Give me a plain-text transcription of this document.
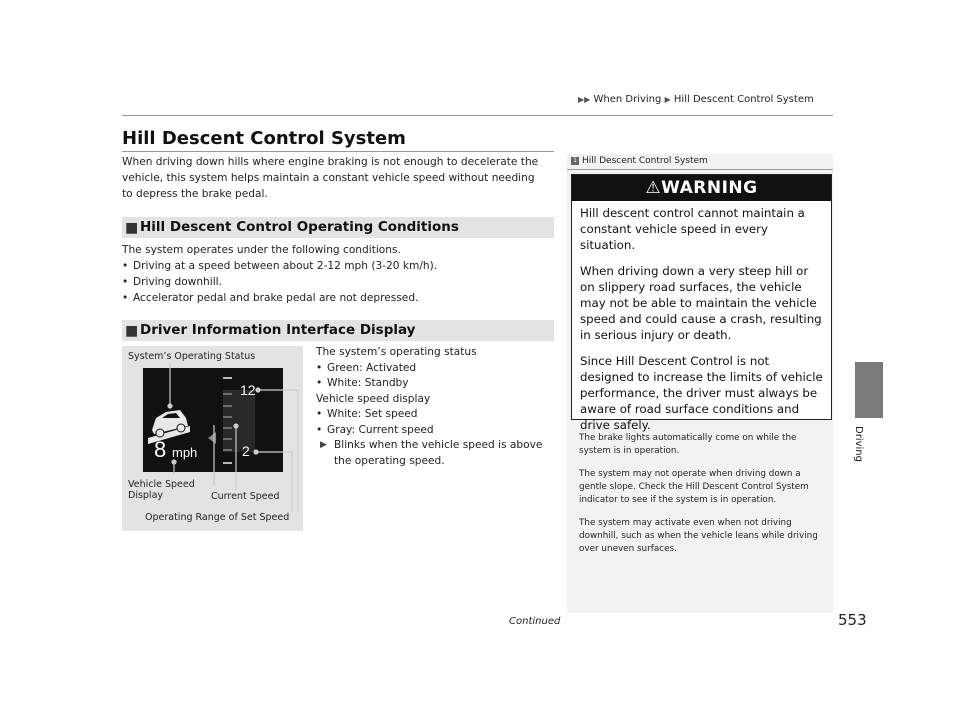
▶▶ When Driving ▶ Hill Descent Control System
Driving
Hill Descent Control System
When driving down hills where engine braking is not enough to decelerate the vehicle, this system helps maintain a constant vehicle speed without needing to depress the brake pedal.
■ Hill Descent Control Operating Conditions
The system operates under the following conditions.
• Driving at a speed between about 2-12 mph (3-20 km/h).
• Driving downhill.
• Accelerator pedal and brake pedal are not depressed.
■ Driver Information Interface Display
System’s Operating Status
8 mph
12
2
Vehicle Speed
Display	Current Speed
Operating Range of Set Speed
The system’s operating status
• Green: Activated
• White: Standby
Vehicle speed display
• White: Set speed
• Gray: Current speed
▶ Blinks when the vehicle speed is above the operating speed.
1 Hill Descent Control System
⚠WARNING

Hill descent control cannot maintain a constant vehicle speed in every situation.

When driving down a very steep hill or on slippery road surfaces, the vehicle may not be able to maintain the vehicle speed and could cause a crash, resulting in serious injury or death.

Since Hill Descent Control is not designed to increase the limits of vehicle performance, the driver must always be aware of road surface conditions and drive safely.

The brake lights automatically come on while the system is in operation.

The system may not operate when driving down a gentle slope. Check the Hill Descent Control System indicator to see if the system is in operation.

The system may activate even when not driving downhill, such as when the vehicle leans while driving over uneven surfaces.

Continued	553
